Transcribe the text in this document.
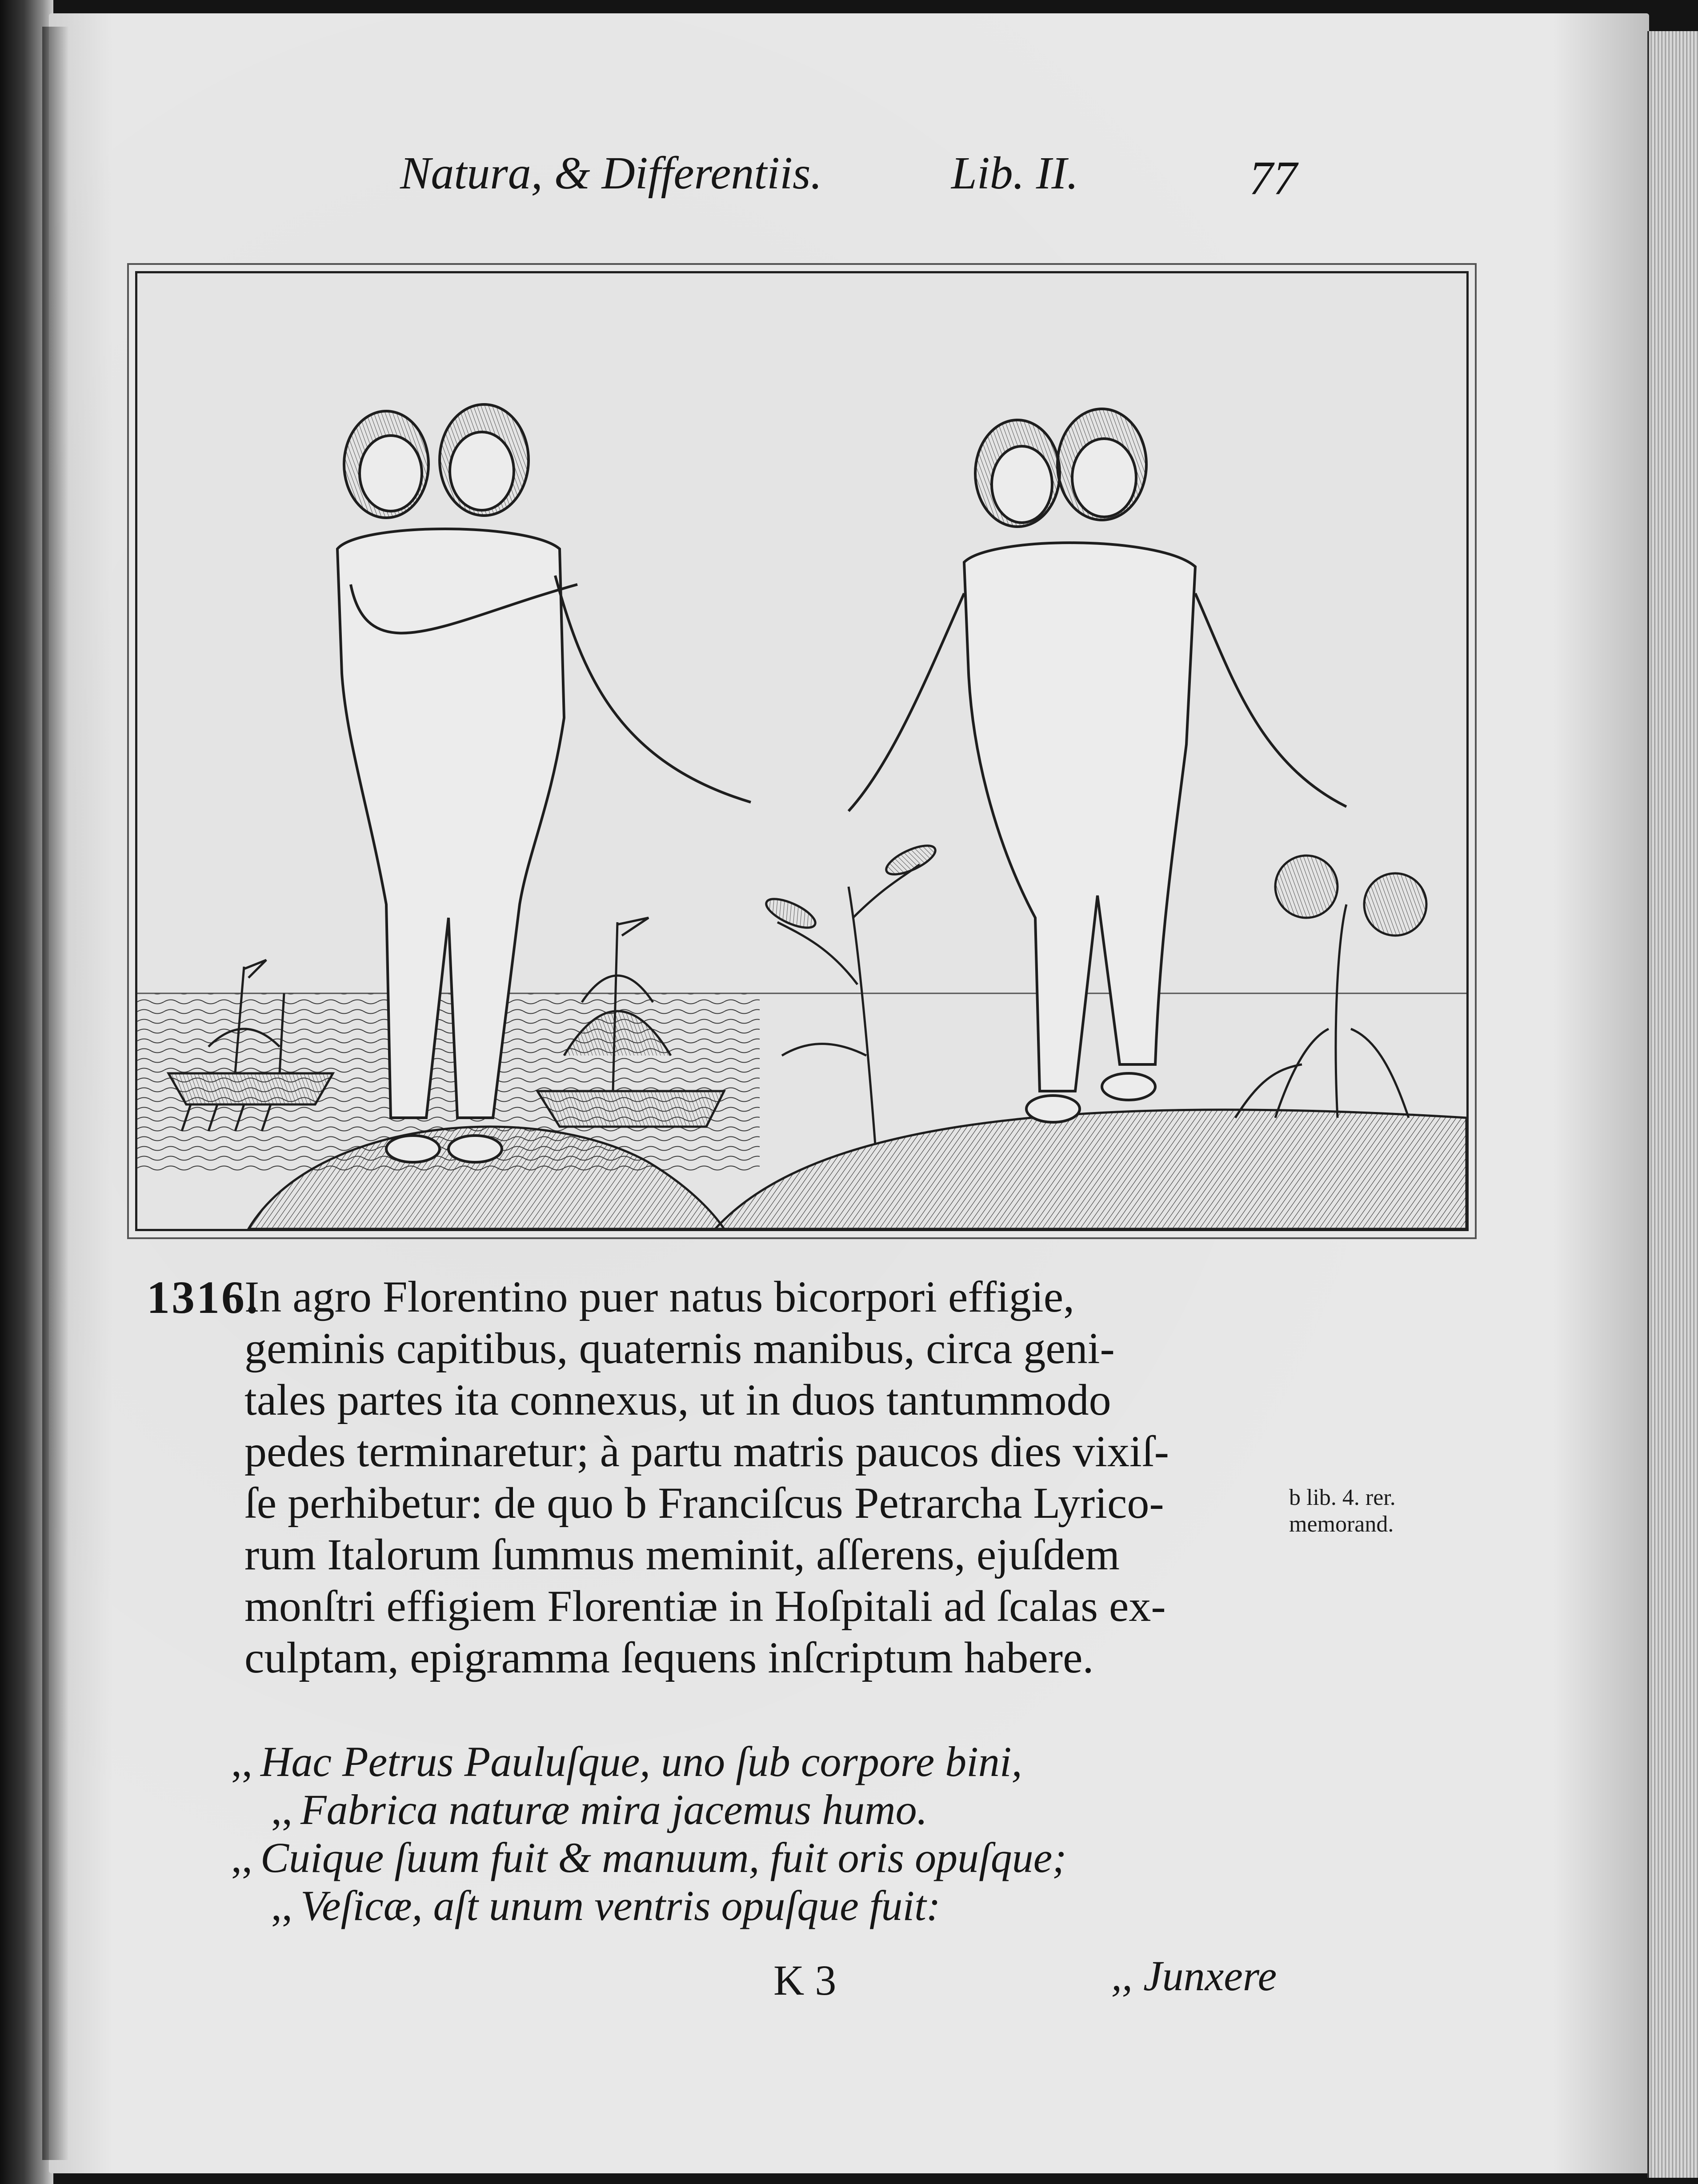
Natura, & Differentiis.	Lib. II.	77
1316.
In agro Florentino puer natus bicorpori effigie,
geminis capitibus, quaternis manibus, circa geni-
tales partes ita connexus, ut in duos tantummodo
pedes terminaretur; à partu matris paucos dies vixiſ-
ſe perhibetur: de quo b Franciſcus Petrarcha Lyrico-
rum Italorum ſummus meminit, aſſerens, ejuſdem
monſtri effigiem Florentiæ in Hoſpitali ad ſcalas ex-
culptam, epigramma ſequens inſcriptum habere.
b lib. 4. rer.
memorand.
,, Hac Petrus Pauluſque, uno ſub corpore bini,
,, Fabrica naturæ mira jacemus humo.
,, Cuique ſuum fuit & manuum, fuit oris opuſque;
,, Veſicæ, aſt unum ventris opuſque fuit:
K 3	,, Junxere
